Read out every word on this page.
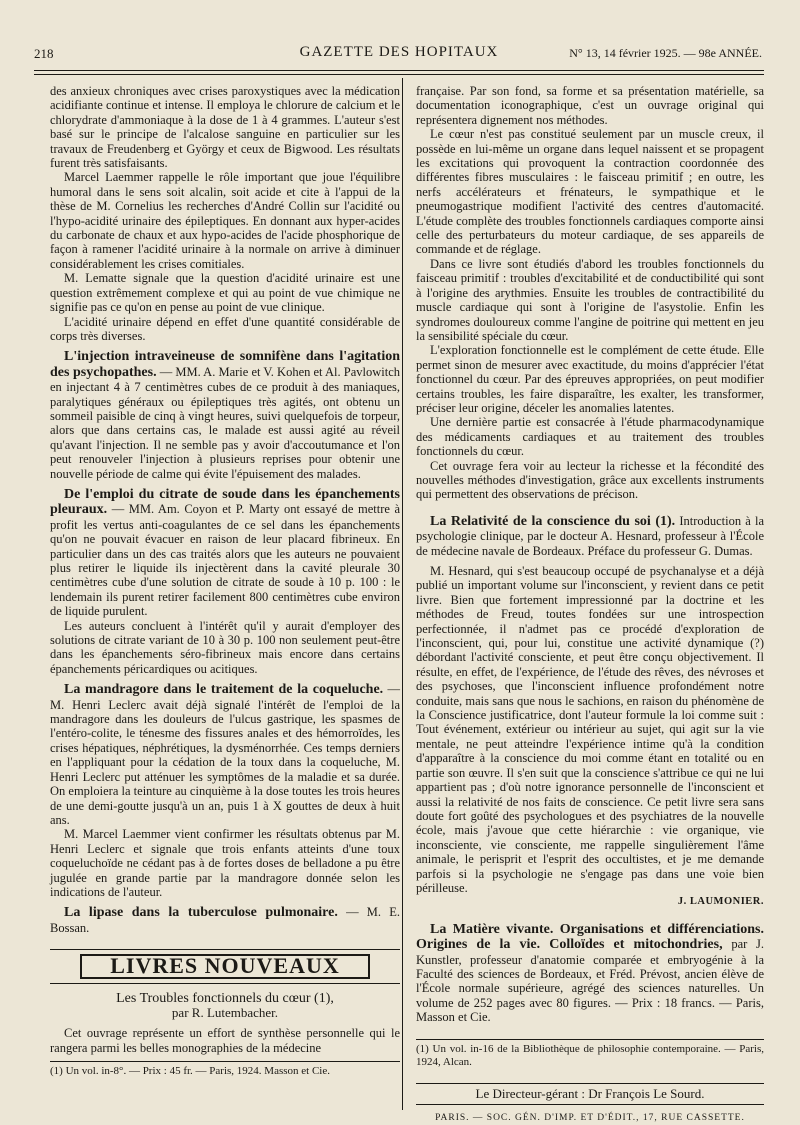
218	GAZETTE DES HOPITAUX	N° 13, 14 février 1925. — 98e ANNÉE.

des anxieux chroniques avec crises paroxystiques avec la médication acidifiante continue et intense. Il employa le chlorure de calcium et le chlorydrate d'ammoniaque à la dose de 1 à 4 grammes. L'auteur s'est basé sur le principe de l'alcalose sanguine en particulier sur les travaux de Freudenberg et György et ceux de Bigwood. Les résultats furent très satisfaisants.

Marcel Laemmer rappelle le rôle important que joue l'équilibre humoral dans le sens soit alcalin, soit acide et cite à l'appui de la thèse de M. Cornelius les recherches d'André Collin sur l'acidité ou l'hypo-acidité urinaire des épileptiques. En donnant aux hyper-acides du carbonate de chaux et aux hypo-acides de l'acide phosphorique de façon à ramener l'acidité urinaire à la normale on arrive à diminuer considérablement les crises comitiales.

M. Lematte signale que la question d'acidité urinaire est une question extrêmement complexe et qui au point de vue chimique ne signifie pas ce qu'on en pense au point de vue clinique.

L'acidité urinaire dépend en effet d'une quantité considérable de corps très diverses.

L'injection intraveineuse de somnifène dans l'agitation des psychopathes. — MM. A. Marie et V. Kohen et Al. Pavlowitch en injectant 4 à 7 centimètres cubes de ce produit à des maniaques, paralytiques généraux ou épileptiques très agités, ont obtenu un sommeil paisible de cinq à vingt heures, suivi quelquefois de torpeur, alors que dans certains cas, le malade est aussi agité au réveil qu'avant l'injection. Il ne semble pas y avoir d'accoutumance et l'on peut renouveler l'injection à plusieurs reprises pour obtenir une nouvelle période de calme qui évite l'épuisement des malades.

De l'emploi du citrate de soude dans les épanchements pleuraux. — MM. Am. Coyon et P. Marty ont essayé de mettre à profit les vertus anti-coagulantes de ce sel dans les épanchements qu'on ne pouvait évacuer en raison de leur placard fibrineux. En particulier dans un des cas traités alors que les auteurs ne pouvaient plus retirer le liquide ils injectèrent dans la cavité pleurale 30 centimètres cube d'une solution de citrate de soude à 10 p. 100 : le lendemain ils purent retirer facilement 800 centimètres cube environ de liquide purulent.

Les auteurs concluent à l'intérêt qu'il y aurait d'employer des solutions de citrate variant de 10 à 30 p. 100 non seulement peut-être dans les épanchements séro-fibrineux mais encore dans certains épanchements péricardiques ou acitiques.

La mandragore dans le traitement de la coqueluche. — M. Henri Leclerc avait déjà signalé l'intérêt de l'emploi de la mandragore dans les douleurs de l'ulcus gastrique, les spasmes de l'entéro-colite, le ténesme des fissures anales et des hémorroïdes, les crises hépatiques, néphrétiques, la dysménorrhée. Ces temps derniers en l'appliquant pour la cédation de la toux dans la coqueluche, M. Henri Leclerc put atténuer les symptômes de la maladie et sa durée. On emploiera la teinture au cinquième à la dose toutes les trois heures de une demi-goutte jusqu'à un an, puis 1 à X gouttes de deux à huit ans.

M. Marcel Laemmer vient confirmer les résultats obtenus par M. Henri Leclerc et signale que trois enfants atteints d'une toux coqueluchoïde ne cédant pas à de fortes doses de belladone a pu être jugulée en grande partie par la mandragore donnée selon les indications de l'auteur.

La lipase dans la tuberculose pulmonaire. — M. E. Bossan.

LIVRES NOUVEAUX

Les Troubles fonctionnels du cœur (1),

par R. Lutembacher.

Cet ouvrage représente un effort de synthèse personnelle qui le rangera parmi les belles monographies de la médecine

(1) Un vol. in-8°. — Prix : 45 fr. — Paris, 1924. Masson et Cie.

française. Par son fond, sa forme et sa présentation matérielle, sa documentation iconographique, c'est un ouvrage original qui représentera dignement nos méthodes.

Le cœur n'est pas constitué seulement par un muscle creux, il possède en lui-même un organe dans lequel naissent et se propagent les excitations qui provoquent la contraction coordonnée des différentes fibres musculaires : le faisceau primitif ; en outre, les nerfs accélérateurs et frénateurs, le sympathique et le pneumogastrique modifient l'activité des centres d'automacité. L'étude complète des troubles fonctionnels cardiaques comporte ainsi celle des perturbateurs du moteur cardiaque, de ses appareils de commande et de réglage.

Dans ce livre sont étudiés d'abord les troubles fonctionnels du faisceau primitif : troubles d'excitabilité et de conductibilité qui sont à l'origine des arythmies. Ensuite les troubles de contractibilité du muscle cardiaque qui sont à l'origine de l'asystolie. Enfin les syndromes douloureux comme l'angine de poitrine qui mettent en jeu la sensibilité spéciale du cœur.

L'exploration fonctionnelle est le complément de cette étude. Elle permet sinon de mesurer avec exactitude, du moins d'apprécier l'état fonctionnel du cœur. Par des épreuves appropriées, on peut modifier certains troubles, les faire disparaître, les exalter, les transformer, préciser leur origine, déceler les anomalies latentes.

Une dernière partie est consacrée à l'étude pharmacodynamique des médicaments cardiaques et au traitement des troubles fonctionnels du cœur.

Cet ouvrage fera voir au lecteur la richesse et la fécondité des nouvelles méthodes d'investigation, grâce aux excellents instruments qui permettent des observations de précison.

La Relativité de la conscience du soi (1). Introduction à la psychologie clinique, par le docteur A. Hesnard, professeur à l'École de médecine navale de Bordeaux. Préface du professeur G. Dumas.

M. Hesnard, qui s'est beaucoup occupé de psychanalyse et a déjà publié un important volume sur l'inconscient, y revient dans ce petit livre. Bien que fortement impressionné par la doctrine et les méthodes de Freud, toutes fondées sur une introspection perfectionnée, il n'admet pas ce procédé d'exploration de l'inconscient, qui, pour lui, constitue une activité dynamique (?) débordant l'activité consciente, et peut être conçu objectivement. Il résulte, en effet, de l'expérience, de l'étude des rêves, des névroses et des psychoses, que l'inconscient influence profondément notre conduite, mais sans que nous le sachions, en raison du phénomène de la Conscience justificatrice, dont l'auteur formule la loi comme suit : Tout événement, extérieur ou intérieur au sujet, qui agit sur la vie mentale, ne peut atteindre l'expérience intime qu'à la condition d'apparaître à la conscience du moi comme étant en totalité ou en partie son œuvre. Il s'en suit que la conscience s'attribue ce qui ne lui appartient pas ; d'où notre ignorance personnelle de l'inconscient et aussi la relativité de nos faits de conscience. Ce petit livre sera sans doute fort goûté des psychologues et des psychiatres de la nouvelle école, mais j'avoue que cette hiérarchie : vie organique, vie inconsciente, vie consciente, me rappelle singulièrement l'âme animale, le perisprit et l'esprit des occultistes, et je me demande parfois si la psychologie ne s'engage pas dans une voie bien périlleuse.

J. LAUMONIER.

La Matière vivante. Organisations et différenciations. Origines de la vie. Colloïdes et mitochondries, par J. Kunstler, professeur d'anatomie comparée et embryogénie à la Faculté des sciences de Bordeaux, et Fréd. Prévost, ancien élève de l'École normale supérieure, agrégé des sciences naturelles. Un volume de 252 pages avec 80 figures. — Prix : 18 francs. — Paris, Masson et Cie.

(1) Un vol. in-16 de la Bibliothèque de philosophie contemporaine. — Paris, 1924, Alcan.

Le Directeur-gérant : Dr François Le Sourd.
PARIS. — SOC. GÉN. D'IMP. ET D'ÉDIT., 17, RUE CASSETTE.
